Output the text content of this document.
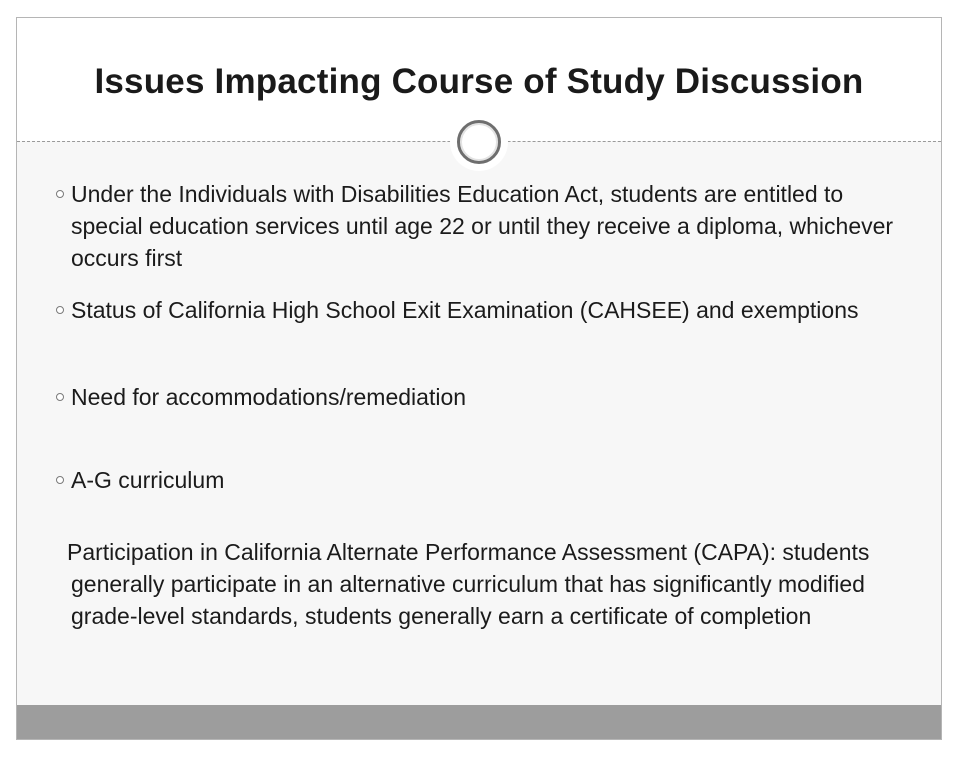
Issues Impacting Course of Study Discussion
Under the Individuals with Disabilities Education Act, students are entitled to special education services until age 22 or until they receive a diploma, whichever occurs first
Status of California High School Exit Examination (CAHSEE) and exemptions
Need for accommodations/remediation
A-G curriculum
Participation in California Alternate Performance Assessment (CAPA): students generally participate in an alternative curriculum that has significantly modified grade-level standards, students generally earn a certificate of completion
